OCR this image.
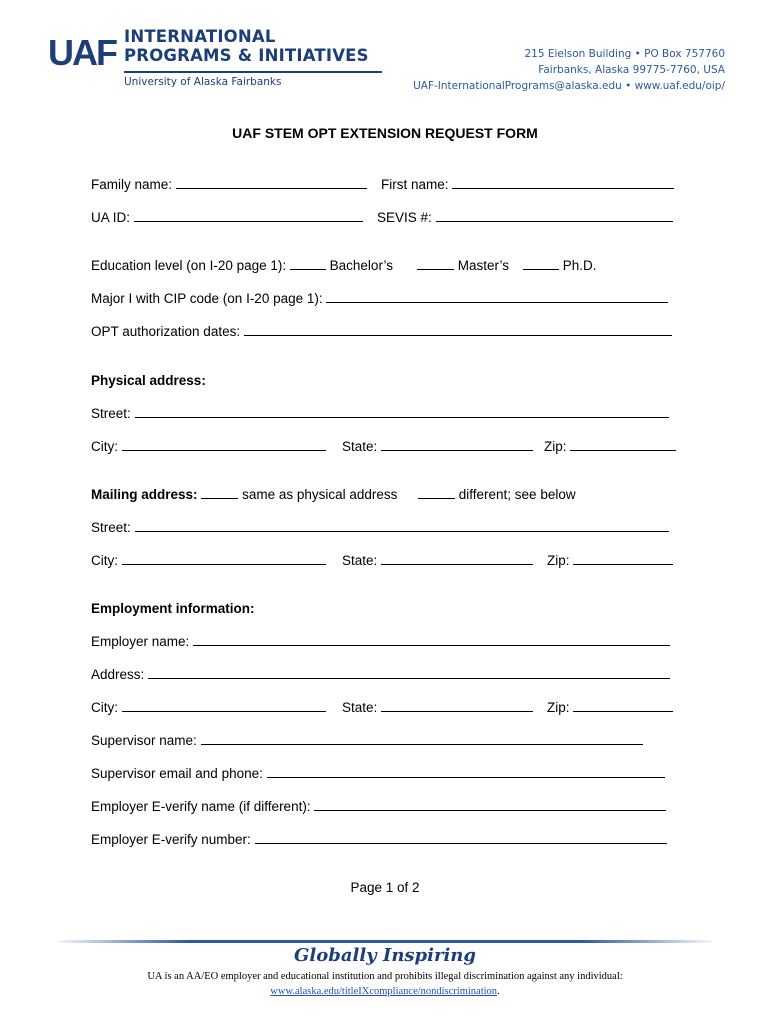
UAF INTERNATIONAL
PROGRAMS & INITIATIVES
University of Alaska Fairbanks
215 Eielson Building • PO Box 757760
Fairbanks, Alaska 99775-7760, USA
UAF-InternationalPrograms@alaska.edu • www.uaf.edu/oip/
UAF STEM OPT EXTENSION REQUEST FORM
Family name:	First name:
UA ID:	SEVIS #:
Education level (on I-20 page 1):	Bachelor’s	Master’s	Ph.D.
Major I with CIP code (on I-20 page 1):
OPT authorization dates:
Physical address:
Street:
City:	State:	Zip:
Mailing address:	same as physical address	different; see below
Street:
City:	State:	Zip:
Employment information:
Employer name:
Address:
City:	State:	Zip:
Supervisor name:
Supervisor email and phone:
Employer E-verify name (if different):
Employer E-verify number:
Page 1 of 2
Globally Inspiring
UA is an AA/EO employer and educational institution and prohibits illegal discrimination against any individual:
www.alaska.edu/titleIXcompliance/nondiscrimination.
